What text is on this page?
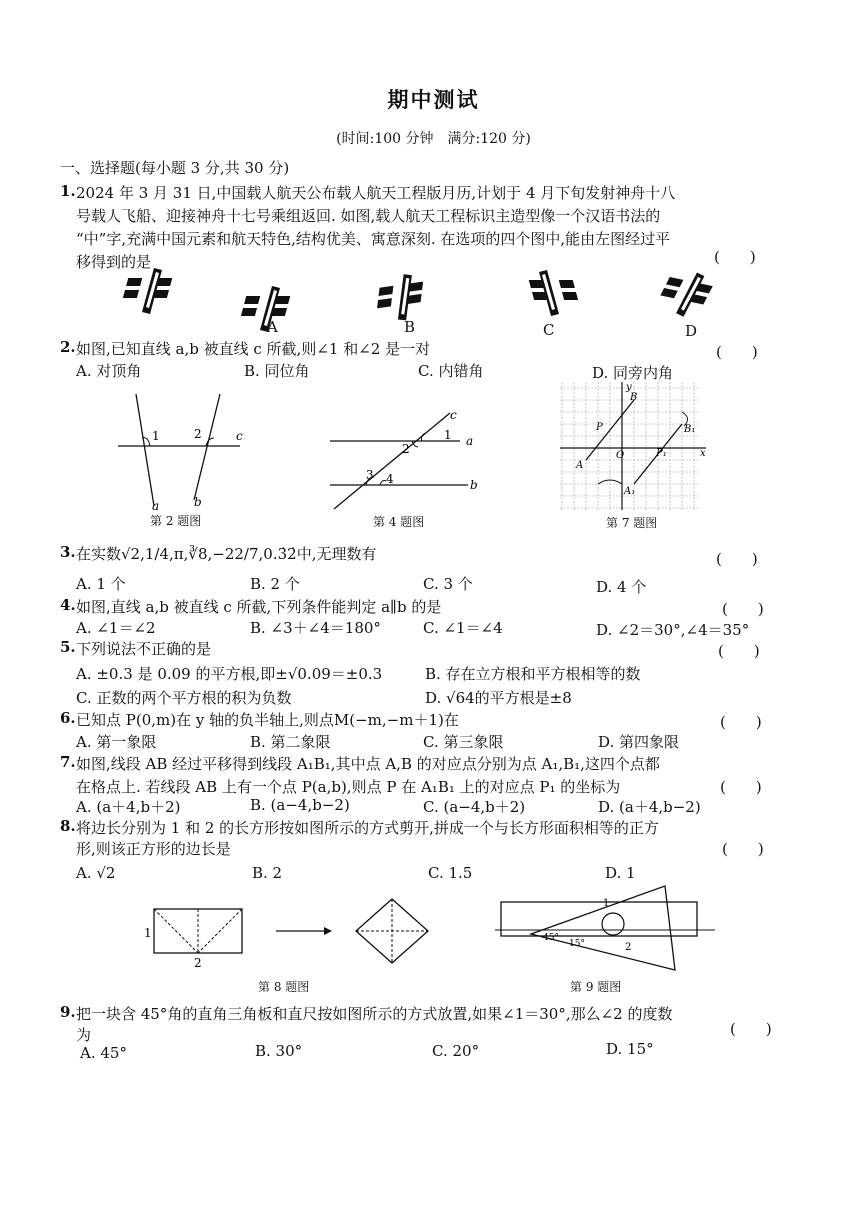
期中测试
(时间:100 分钟　满分:120 分)
一、选择题(每小题 3 分,共 30 分)
1. 2024 年 3 月 31 日,中国载人航天公布载人航天工程版月历,计划于 4 月下旬发射神舟十八
号载人飞船、迎接神舟十七号乘组返回. 如图,载人航天工程标识主造型像一个汉语书法的
“中”字,充满中国元素和航天特色,结构优美、寓意深刻. 在选项的四个图中,能由左图经过平
移得到的是	(　　)
A	B	C	D
2. 如图,已知直线 a,b 被直线 c 所截,则∠1 和∠2 是一对	(　　)
A. 对顶角	B. 同位角	C. 内错角	D. 同旁内角
1	2	c
a	b
第 2 题图
1
2
3 4
c
a
b
第 4 题图
y
x
O
A
B
A₁
B₁
P
P₁
第 7 题图
3. 在实数√2,1/4,π,∛8,−22/7,0.3̇2̇中,无理数有	(　　)
A. 1 个	B. 2 个	C. 3 个	D. 4 个
4. 如图,直线 a,b 被直线 c 所截,下列条件能判定 a∥b 的是	(　　)
A. ∠1＝∠2	B. ∠3＋∠4＝180°	C. ∠1＝∠4	D. ∠2＝30°,∠4＝35°
5. 下列说法不正确的是	(　　)
A. ±0.3 是 0.09 的平方根,即±√0.09＝±0.3	B. 存在立方根和平方根相等的数
C. 正数的两个平方根的积为负数	D. √64的平方根是±8
6. 已知点 P(0,m)在 y 轴的负半轴上,则点M(−m,−m＋1)在	(　　)
A. 第一象限	B. 第二象限	C. 第三象限	D. 第四象限
7. 如图,线段 AB 经过平移得到线段 A₁B₁,其中点 A,B 的对应点分别为点 A₁,B₁,这四个点都
在格点上. 若线段 AB 上有一个点 P(a,b),则点 P 在 A₁B₁ 上的对应点 P₁ 的坐标为	(　　)
A. (a＋4,b＋2)	B. (a−4,b−2)	C. (a−4,b＋2)	D. (a＋4,b−2)
8. 将边长分别为 1 和 2 的长方形按如图所示的方式剪开,拼成一个与长方形面积相等的正方
形,则该正方形的边长是	(　　)
A. √2	B. 2	C. 1.5	D. 1
1
2
第 8 题图
45°
15°
1
2
第 9 题图
9. 把一块含 45°角的直角三角板和直尺按如图所示的方式放置,如果∠1＝30°,那么∠2 的度数
为	(　　)
A. 45°	B. 30°	C. 20°	D. 15°
